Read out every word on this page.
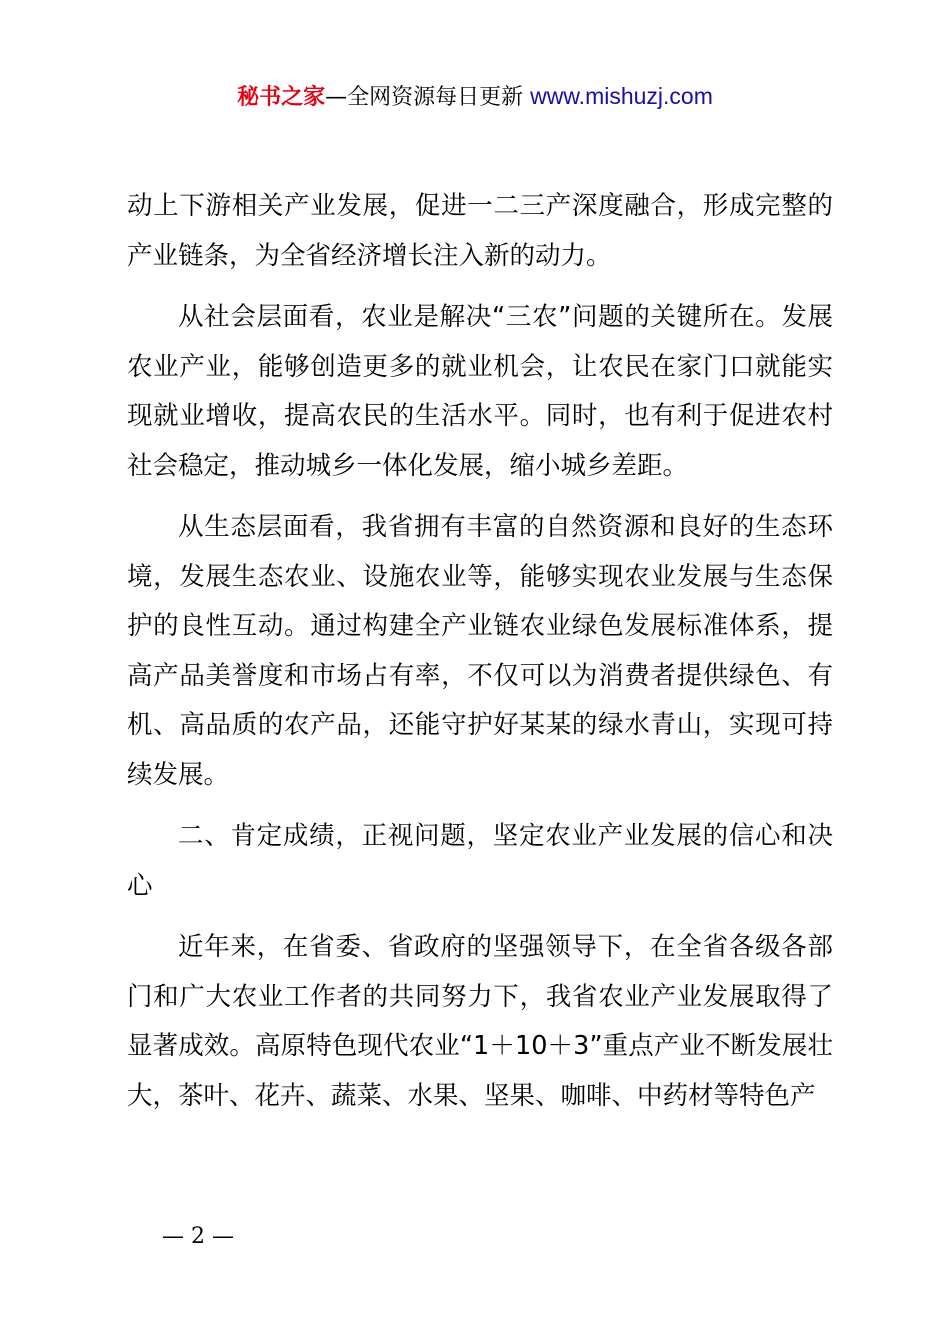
秘书之家—全网资源每日更新 www.mishuzj.com

动上下游相关产业发展，促进一二三产深度融合，形成完整的产业链条，为全省经济增长注入新的动力。

从社会层面看，农业是解决“三农”问题的关键所在。发展农业产业，能够创造更多的就业机会，让农民在家门口就能实现就业增收，提高农民的生活水平。同时，也有利于促进农村社会稳定，推动城乡一体化发展，缩小城乡差距。

从生态层面看，我省拥有丰富的自然资源和良好的生态环境，发展生态农业、设施农业等，能够实现农业发展与生态保护的良性互动。通过构建全产业链农业绿色发展标准体系，提高产品美誉度和市场占有率，不仅可以为消费者提供绿色、有机、高品质的农产品，还能守护好某某的绿水青山，实现可持续发展。

二、肯定成绩，正视问题，坚定农业产业发展的信心和决心

近年来，在省委、省政府的坚强领导下，在全省各级各部门和广大农业工作者的共同努力下，我省农业产业发展取得了显著成效。高原特色现代农业“1＋10＋3”重点产业不断发展壮大，茶叶、花卉、蔬菜、水果、坚果、咖啡、中药材等特色产

— 2 —
